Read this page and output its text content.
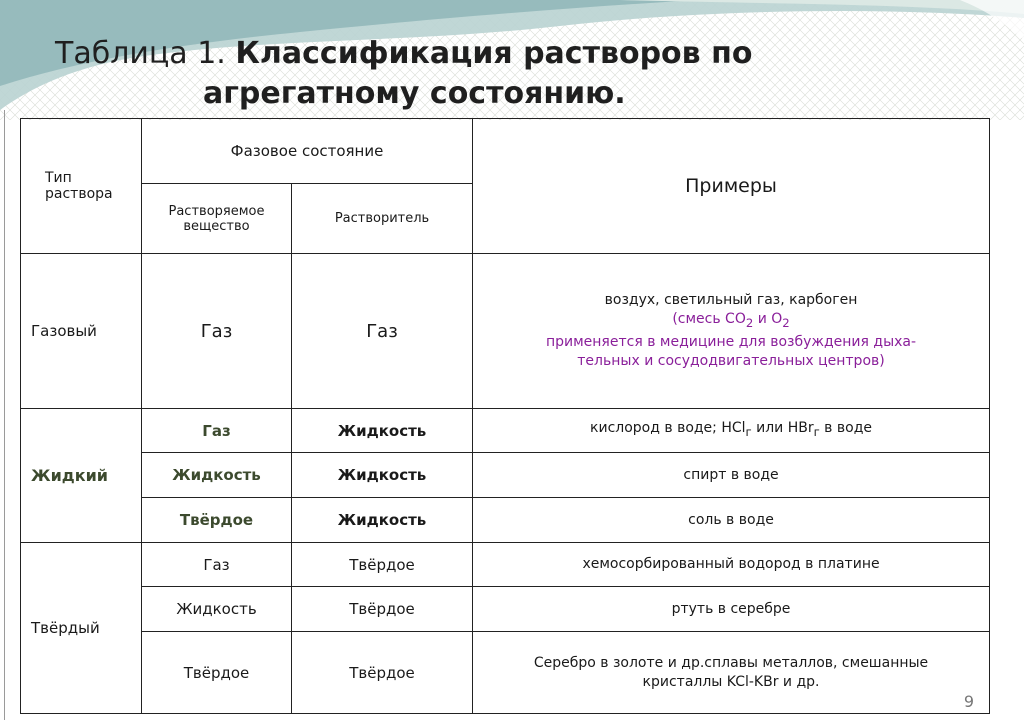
Таблица 1. Классификация растворов по
агрегатному состоянию.
Тип раствора	Фазовое состояние		Примеры
	Растворяемое вещество	Растворитель	
Газовый	Газ	Газ	воздух, светильный газ, карбоген
(смесь $CO_2$ и $O_2$
применяется в медицине для возбуждения дыха-тельных и сосудодвигательных центров)

Жидкий	Газ	Жидкость	кислород в воде; HCl$_г$ или HBr$_г$ в воде
	Жидкость	Жидкость	спирт в воде
	Твёрдое	Жидкость	соль в воде
Твёрдый	Газ	Твёрдое	хемосорбированный водород в платине
	Жидкость	Твёрдое	ртуть в серебре
	Твёрдое	Твёрдое	Серебро в золоте и др.сплавы металлов, смешанные кристаллы KCl-KBr и др.
9
